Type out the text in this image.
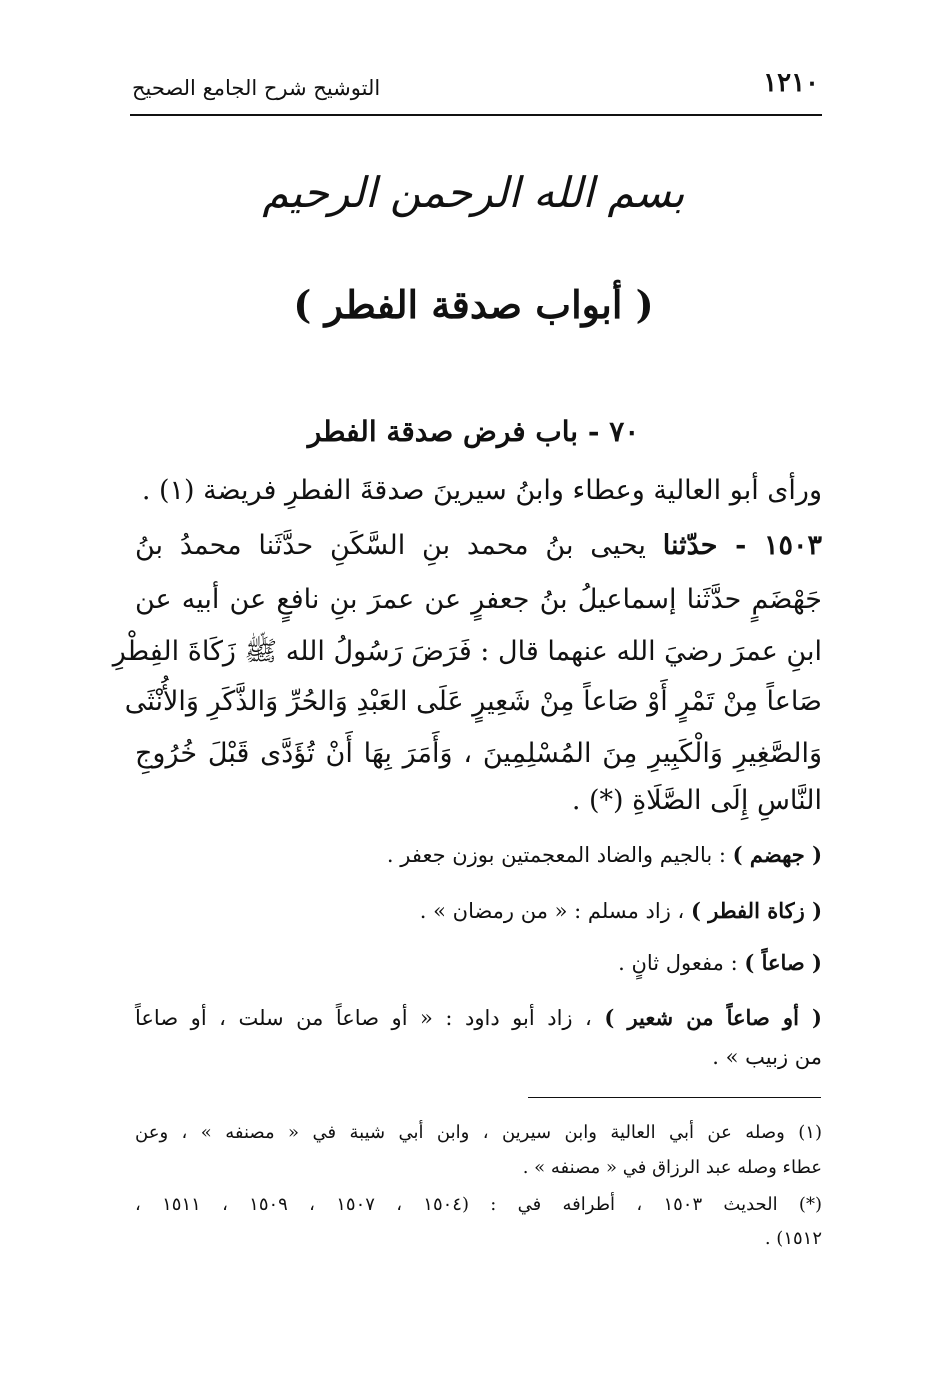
١٢١٠
التوشيح شرح الجامع الصحيح
بسم الله الرحمن الرحيم
( أبواب صدقة الفطر )
٧٠ - باب فرض صدقة الفطر
ورأى أبو العالية وعطاء وابنُ سيرينَ صدقةَ الفطرِ فريضة (١) .
١٥٠٣ - حدّثنا يحيى بنُ محمد بنِ السَّكَنِ حدَّثَنا محمدُ بنُ
جَهْضَمٍ حدَّثَنا إسماعيلُ بنُ جعفرٍ عن عمرَ بنِ نافعٍ عن أبيه عن
ابنِ عمرَ رضيَ الله عنهما قال : فَرَضَ رَسُولُ الله ﷺ زَكَاةَ الفِطْرِ
صَاعاً مِنْ تَمْرٍ أَوْ صَاعاً مِنْ شَعِيرٍ عَلَى العَبْدِ وَالحُرِّ وَالذَّكَرِ وَالأُنْثَى
وَالصَّغِيرِ وَالْكَبِيرِ مِنَ المُسْلِمِينَ ، وَأَمَرَ بِهَا أَنْ تُؤَدَّى قَبْلَ خُرُوجِ
النَّاسِ إِلَى الصَّلَاةِ (*) .
( جهضم ) : بالجيم والضاد المعجمتين بوزن جعفر .
( زكاة الفطر ) ، زاد مسلم : « من رمضان » .
( صاعاً ) : مفعول ثانٍ .
( أو صاعاً من شعير ) ، زاد أبو داود : « أو صاعاً من سلت ، أو صاعاً
من زبيب » .
(١) وصله عن أبي العالية وابن سيرين ، وابن أبي شيبة في « مصنفه » ، وعن
عطاء وصله عبد الرزاق في « مصنفه » .
(*) الحديث ١٥٠٣ ، أطرافه في : (١٥٠٤ ، ١٥٠٧ ، ١٥٠٩ ، ١٥١١ ،
١٥١٢) .
